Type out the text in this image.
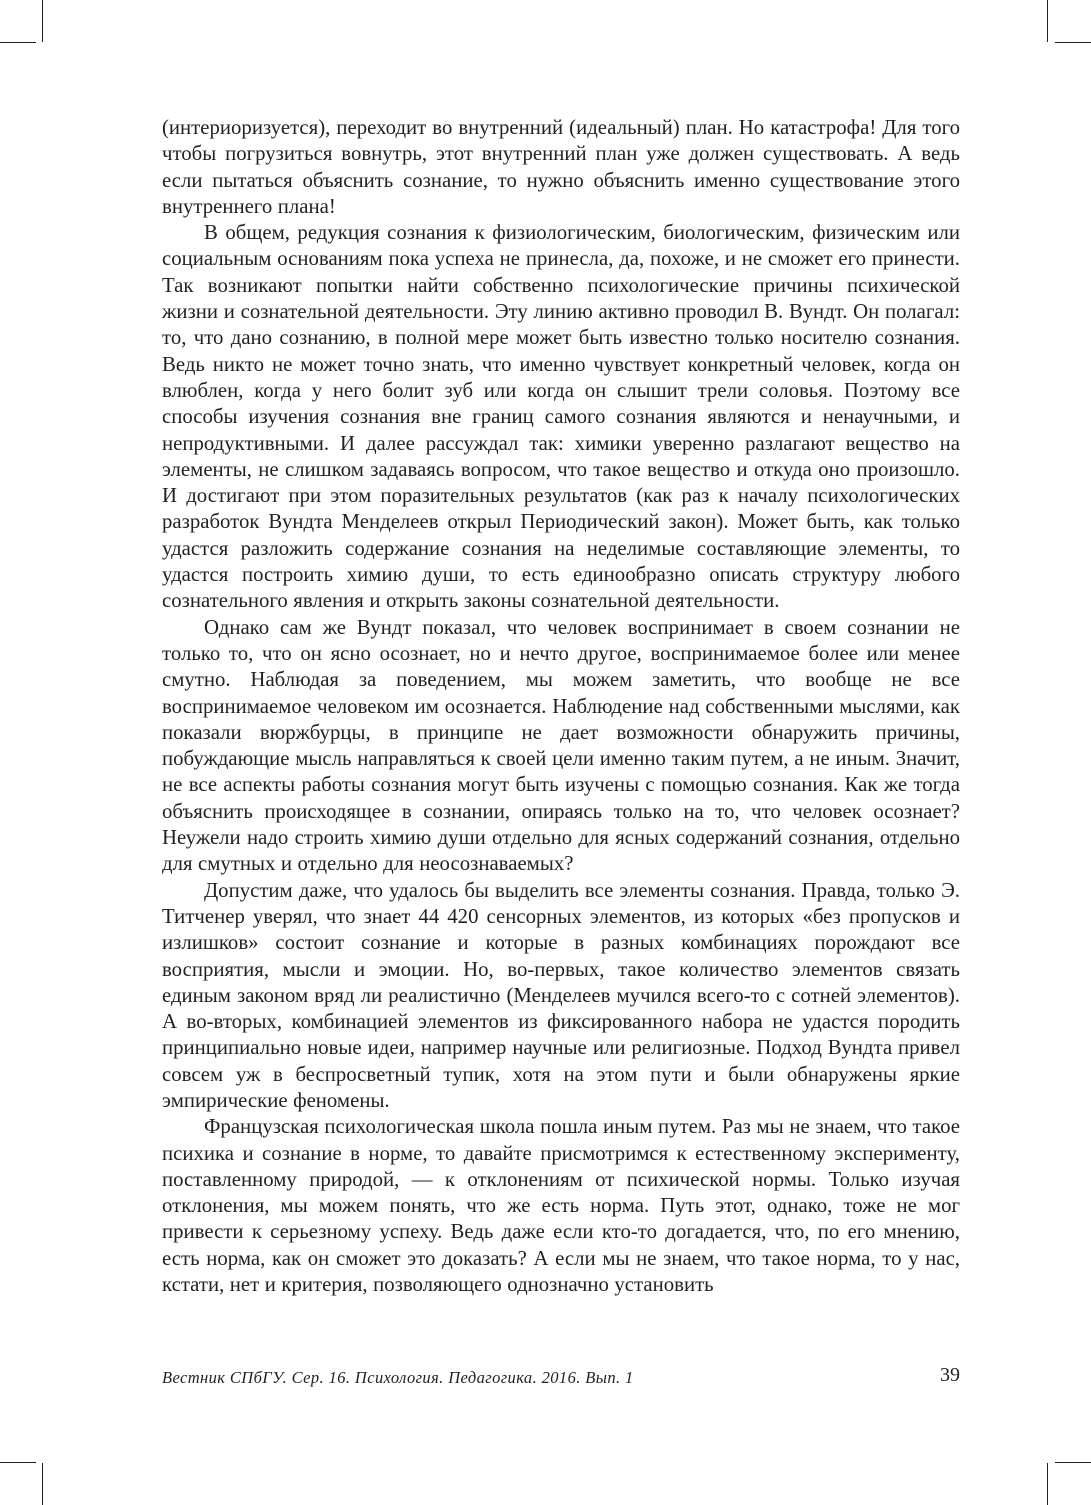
(интериоризуется), переходит во внутренний (идеальный) план. Но катастрофа! Для того чтобы погрузиться вовнутрь, этот внутренний план уже должен существовать. А ведь если пытаться объяснить сознание, то нужно объяснить именно существование этого внутреннего плана!

В общем, редукция сознания к физиологическим, биологическим, физическим или социальным основаниям пока успеха не принесла, да, похоже, и не сможет его принести. Так возникают попытки найти собственно психологические причины психической жизни и сознательной деятельности. Эту линию активно проводил В. Вундт. Он полагал: то, что дано сознанию, в полной мере может быть известно только носителю сознания. Ведь никто не может точно знать, что именно чувствует конкретный человек, когда он влюблен, когда у него болит зуб или когда он слышит трели соловья. Поэтому все способы изучения сознания вне границ самого сознания являются и ненаучными, и непродуктивными. И далее рассуждал так: химики уверенно разлагают вещество на элементы, не слишком задаваясь вопросом, что такое вещество и откуда оно произошло. И достигают при этом поразительных результатов (как раз к началу психологических разработок Вундта Менделеев открыл Периодический закон). Может быть, как только удастся разложить содержание сознания на неделимые составляющие элементы, то удастся построить химию души, то есть единообразно описать структуру любого сознательного явления и открыть законы сознательной деятельности.

Однако сам же Вундт показал, что человек воспринимает в своем сознании не только то, что он ясно осознает, но и нечто другое, воспринимаемое более или менее смутно. Наблюдая за поведением, мы можем заметить, что вообще не все воспринимаемое человеком им осознается. Наблюдение над собственными мыслями, как показали вюржбурцы, в принципе не дает возможности обнаружить причины, побуждающие мысль направляться к своей цели именно таким путем, а не иным. Значит, не все аспекты работы сознания могут быть изучены с помощью сознания. Как же тогда объяснить происходящее в сознании, опираясь только на то, что человек осознает? Неужели надо строить химию души отдельно для ясных содержаний сознания, отдельно для смутных и отдельно для неосознаваемых?

Допустим даже, что удалось бы выделить все элементы сознания. Правда, только Э. Титченер уверял, что знает 44 420 сенсорных элементов, из которых «без пропусков и излишков» состоит сознание и которые в разных комбинациях порождают все восприятия, мысли и эмоции. Но, во-первых, такое количество элементов связать единым законом вряд ли реалистично (Менделеев мучился всего-то с сотней элементов). А во-вторых, комбинацией элементов из фиксированного набора не удастся породить принципиально новые идеи, например научные или религиозные. Подход Вундта привел совсем уж в беспросветный тупик, хотя на этом пути и были обнаружены яркие эмпирические феномены.

Французская психологическая школа пошла иным путем. Раз мы не знаем, что такое психика и сознание в норме, то давайте присмотримся к естественному эксперименту, поставленному природой, — к отклонениям от психической нормы. Только изучая отклонения, мы можем понять, что же есть норма. Путь этот, однако, тоже не мог привести к серьезному успеху. Ведь даже если кто-то догадается, что, по его мнению, есть норма, как он сможет это доказать? А если мы не знаем, что такое норма, то у нас, кстати, нет и критерия, позволяющего однозначно установить

Вестник СПбГУ. Сер. 16. Психология. Педагогика. 2016. Вып. 1	39
